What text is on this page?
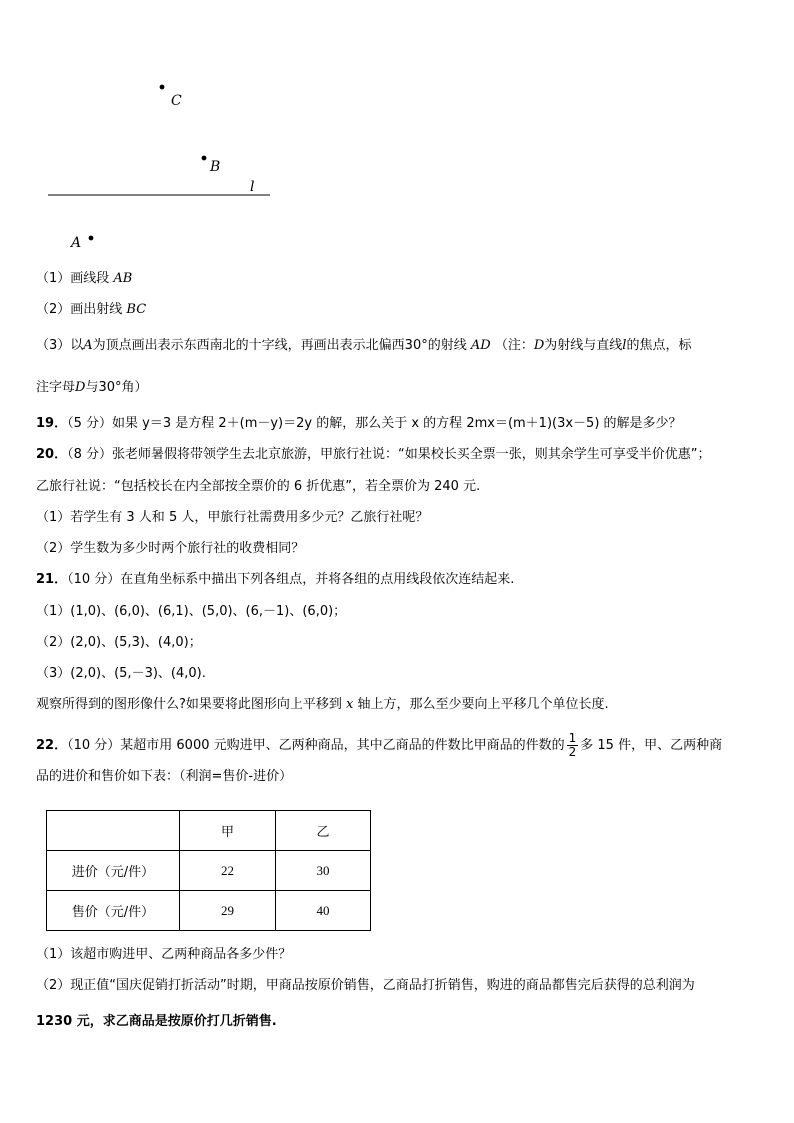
C
B
l
A
（1）画线段 AB
（2）画出射线 BC
（3）以A为顶点画出表示东西南北的十字线，再画出表示北偏西30°的射线 AD （注：D为射线与直线l的焦点，标
注字母D与30°角）
19．（5 分）如果 y＝3 是方程 2＋(m－y)＝2y 的解，那么关于 x 的方程 2mx＝(m＋1)(3x－5) 的解是多少？
20．（8 分）张老师暑假将带领学生去北京旅游，甲旅行社说：“如果校长买全票一张，则其余学生可享受半价优惠”；
乙旅行社说：“包括校长在内全部按全票价的 6 折优惠”，若全票价为 240 元.
（1）若学生有 3 人和 5 人，甲旅行社需费用多少元？乙旅行社呢？
（2）学生数为多少时两个旅行社的收费相同？
21．（10 分）在直角坐标系中描出下列各组点，并将各组的点用线段依次连结起来.
（1）(1,0)、(6,0)、(6,1)、(5,0)、(6,－1)、(6,0)；
（2）(2,0)、(5,3)、(4,0)；
（3）(2,0)、(5,－3)、(4,0).
观察所得到的图形像什么?如果要将此图形向上平移到 x 轴上方，那么至少要向上平移几个单位长度.
22．（10 分）某超市用 6000 元购进甲、乙两种商品，其中乙商品的件数比甲商品的件数的 $\frac{1}{2}$ 多 15 件，甲、乙两种商
品的进价和售价如下表：（利润=售价-进价）
	甲	乙
进价（元/件）	22	30
售价（元/件）	29	40
（1）该超市购进甲、乙两种商品各多少件？
（2）现正值“国庆促销打折活动”时期，甲商品按原价销售，乙商品打折销售，购进的商品都售完后获得的总利润为
1230 元，求乙商品是按原价打几折销售.
